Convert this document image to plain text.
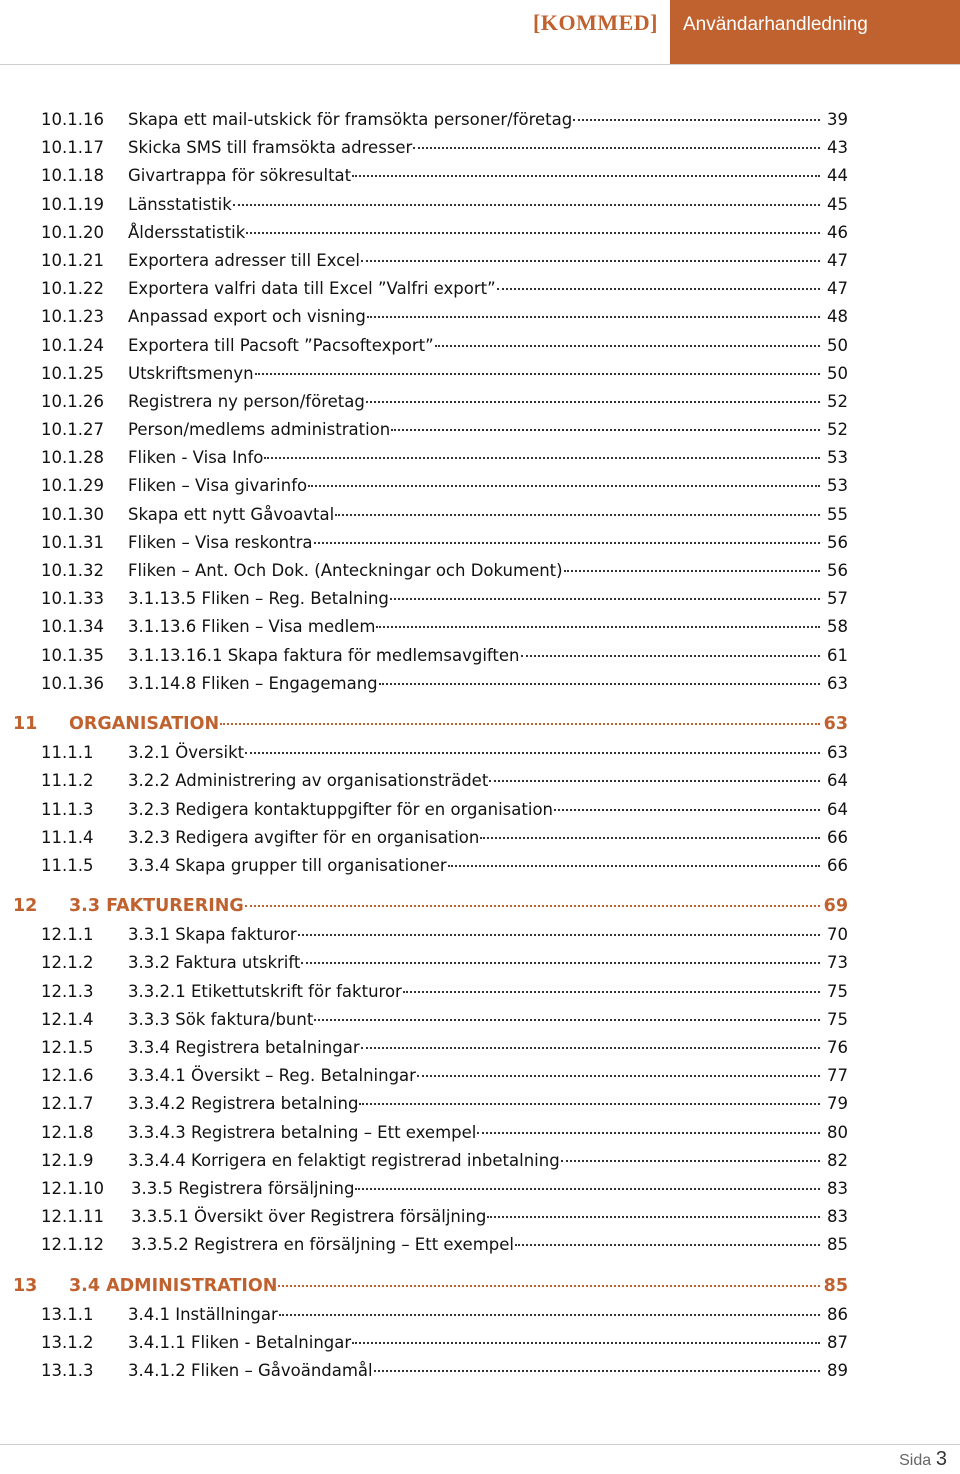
[KOMMED]	Användarhandledning
10.1.16	Skapa ett mail-utskick för framsökta personer/företag	39
10.1.17	Skicka SMS till framsökta adresser	43
10.1.18	Givartrappa för sökresultat	44
10.1.19	Länsstatistik	45
10.1.20	Åldersstatistik	46
10.1.21	Exportera adresser till Excel	47
10.1.22	Exportera valfri data till Excel ”Valfri export”	47
10.1.23	Anpassad export och visning	48
10.1.24	Exportera till Pacsoft ”Pacsoftexport”	50
10.1.25	Utskriftsmenyn	50
10.1.26	Registrera ny person/företag	52
10.1.27	Person/medlems administration	52
10.1.28	Fliken - Visa Info	53
10.1.29	Fliken – Visa givarinfo	53
10.1.30	Skapa ett nytt Gåvoavtal	55
10.1.31	Fliken – Visa reskontra	56
10.1.32	Fliken – Ant. Och Dok. (Anteckningar och Dokument)	56
10.1.33	3.1.13.5 Fliken – Reg. Betalning	57
10.1.34	3.1.13.6 Fliken – Visa medlem	58
10.1.35	3.1.13.16.1 Skapa faktura för medlemsavgiften	61
10.1.36	3.1.14.8 Fliken – Engagemang	63
11	ORGANISATION	63
11.1.1	3.2.1 Översikt	63
11.1.2	3.2.2 Administrering av organisationsträdet	64
11.1.3	3.2.3 Redigera kontaktuppgifter för en organisation	64
11.1.4	3.2.3 Redigera avgifter för en organisation	66
11.1.5	3.3.4 Skapa grupper till organisationer	66
12	3.3 FAKTURERING	69
12.1.1	3.3.1 Skapa fakturor	70
12.1.2	3.3.2 Faktura utskrift	73
12.1.3	3.3.2.1 Etikettutskrift för fakturor	75
12.1.4	3.3.3 Sök faktura/bunt	75
12.1.5	3.3.4 Registrera betalningar	76
12.1.6	3.3.4.1 Översikt – Reg. Betalningar	77
12.1.7	3.3.4.2 Registrera betalning	79
12.1.8	3.3.4.3 Registrera betalning – Ett exempel	80
12.1.9	3.3.4.4 Korrigera en felaktigt registrerad inbetalning	82
12.1.10	3.3.5 Registrera försäljning	83
12.1.11	3.3.5.1 Översikt över Registrera försäljning	83
12.1.12	3.3.5.2 Registrera en försäljning – Ett exempel	85
13	3.4 ADMINISTRATION	85
13.1.1	3.4.1 Inställningar	86
13.1.2	3.4.1.1 Fliken - Betalningar	87
13.1.3	3.4.1.2 Fliken – Gåvoändamål	89
Sida 3
